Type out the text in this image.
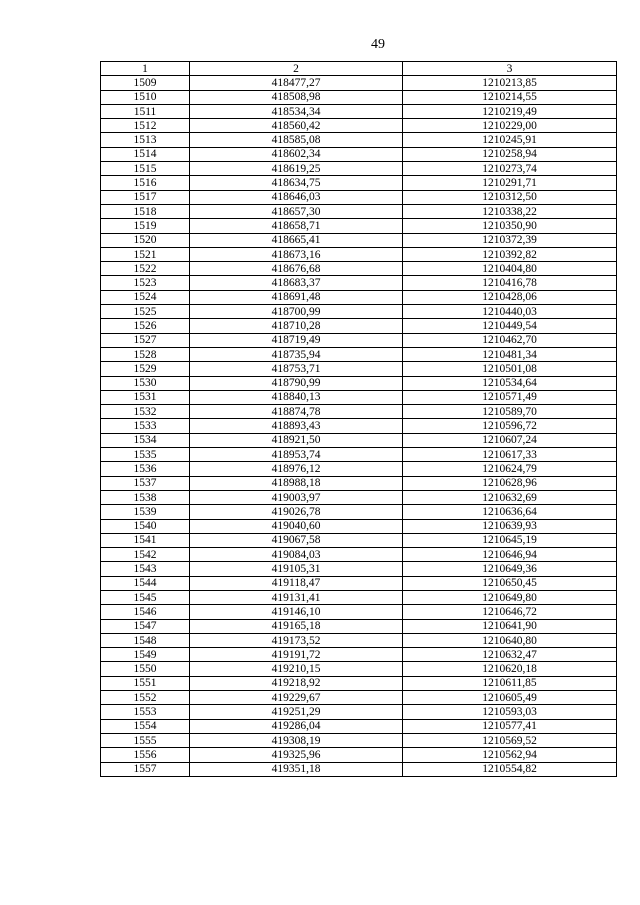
49
1	2	3
1509	418477,27	1210213,85
1510	418508,98	1210214,55
1511	418534,34	1210219,49
1512	418560,42	1210229,00
1513	418585,08	1210245,91
1514	418602,34	1210258,94
1515	418619,25	1210273,74
1516	418634,75	1210291,71
1517	418646,03	1210312,50
1518	418657,30	1210338,22
1519	418658,71	1210350,90
1520	418665,41	1210372,39
1521	418673,16	1210392,82
1522	418676,68	1210404,80
1523	418683,37	1210416,78
1524	418691,48	1210428,06
1525	418700,99	1210440,03
1526	418710,28	1210449,54
1527	418719,49	1210462,70
1528	418735,94	1210481,34
1529	418753,71	1210501,08
1530	418790,99	1210534,64
1531	418840,13	1210571,49
1532	418874,78	1210589,70
1533	418893,43	1210596,72
1534	418921,50	1210607,24
1535	418953,74	1210617,33
1536	418976,12	1210624,79
1537	418988,18	1210628,96
1538	419003,97	1210632,69
1539	419026,78	1210636,64
1540	419040,60	1210639,93
1541	419067,58	1210645,19
1542	419084,03	1210646,94
1543	419105,31	1210649,36
1544	419118,47	1210650,45
1545	419131,41	1210649,80
1546	419146,10	1210646,72
1547	419165,18	1210641,90
1548	419173,52	1210640,80
1549	419191,72	1210632,47
1550	419210,15	1210620,18
1551	419218,92	1210611,85
1552	419229,67	1210605,49
1553	419251,29	1210593,03
1554	419286,04	1210577,41
1555	419308,19	1210569,52
1556	419325,96	1210562,94
1557	419351,18	1210554,82
